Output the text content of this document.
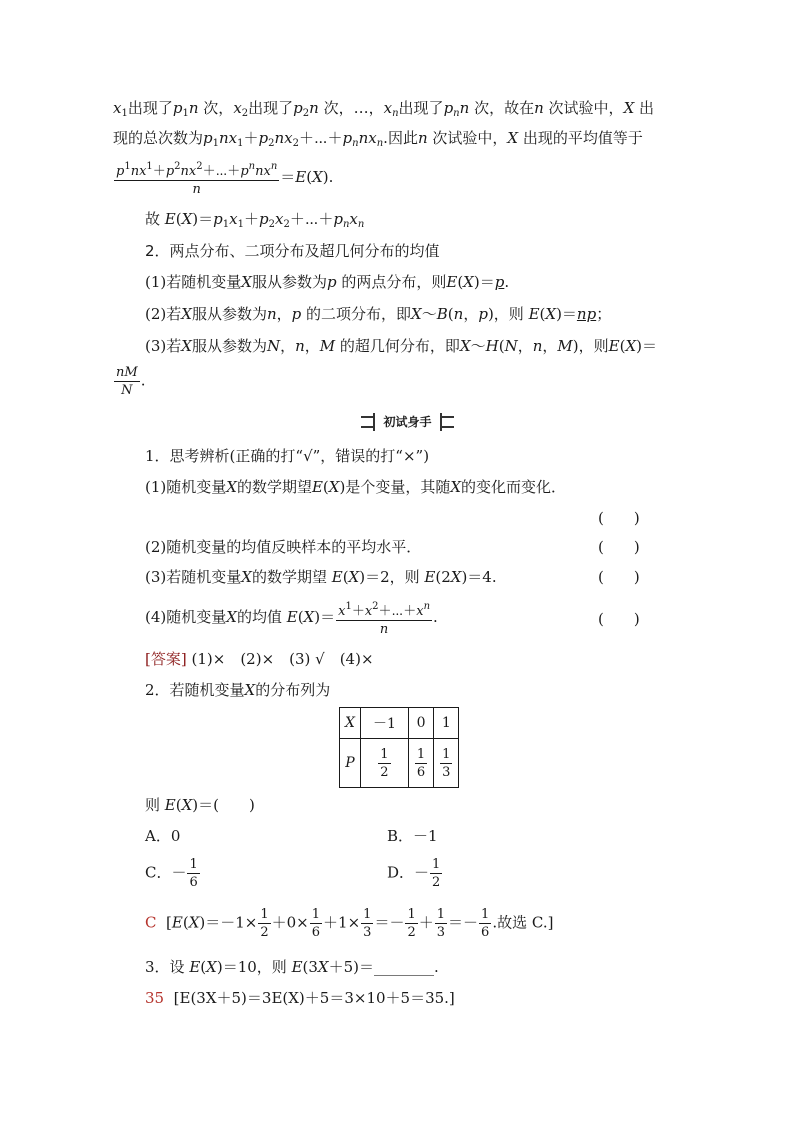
$x_1$出现了$p_1n$ 次，$x_2$出现了$p_2n$ 次，…，$x_n$出现了$p_nn$ 次，故在n 次试验中，X 出
现的总次数为$p_1nx_1+p_2nx_2+\cdots+p_nnx_n$.因此n 次试验中，X 出现的平均值等于
$\frac{p^1nx^1+p^2nx^2+\cdots+p^nnx^n}{n} =E(X)$.
故 $E(X)=p_1x_1+p_2x_2+\cdots+p_nx_n$
2．两点分布、二项分布及超几何分布的均值
(1)若随机变量X服从参数为p 的两点分布，则E(X)＝p.
(2)若X服从参数为n，p 的二项分布，即X～B(n，p)，则 E(X)＝np；
(3)若X服从参数为N，n，M 的超几何分布，即X～H(N，n，M)，则E(X)＝
$\frac{nM}{N}$ .
初试身手
1．思考辨析(正确的打“√”，错误的打“×”)
(1)随机变量X的数学期望E(X)是个变量，其随X的变化而变化．
(　　)
(2)随机变量的均值反映样本的平均水平．	(　　)
(3)若随机变量X的数学期望 E(X)＝2，则 E(2X)＝4.	(　　)
(4)随机变量X的均值 $E(X)= \frac{x^1+x^2+\cdots+x^n}{n}$ .	(　　)
[答案] (1)×　(2)×　(3) √　(4)×
2．若随机变量X的分布列为
X	－1	0	1
P	$\frac{1}{2}$	$\frac{1}{6}$	$\frac{1}{3}$
则 E(X)＝(　　)
A．0	B．－1
C．－ $\frac{1}{6}$	D．－ $\frac{1}{2}$
C  [$E(X)=-1\times \frac{1}{2} +0\times \frac{1}{6} +1\times \frac{1}{3} =- \frac{1}{2} + \frac{1}{3} =- \frac{1}{6}$ .故选 C.]
3．设 E(X)＝10，则 E(3X＋5)＝________.
35 [E(3X＋5)＝3E(X)＋5＝3×10＋5＝35.]
